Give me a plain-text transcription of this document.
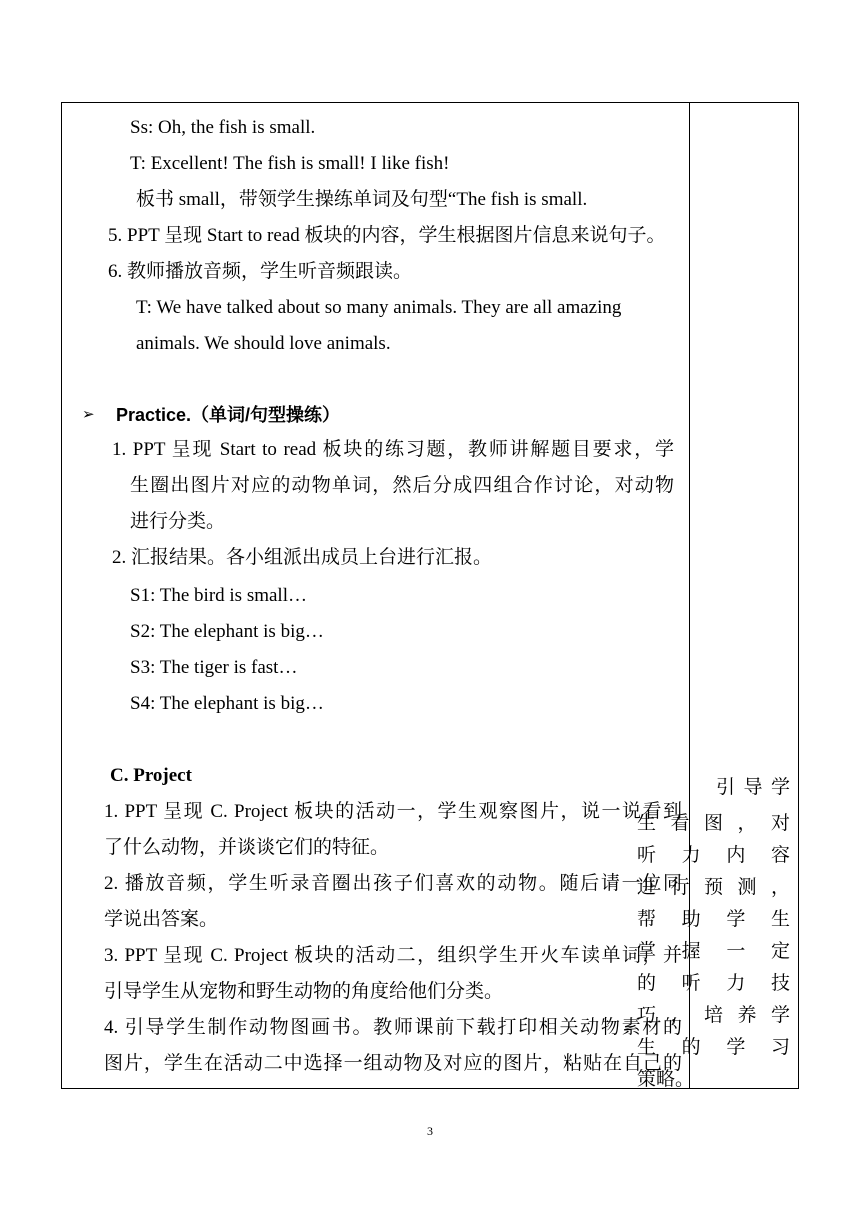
Ss: Oh, the fish is small.
T: Excellent! The fish is small! I like fish!
板书 small，带领学生操练单词及句型“The fish is small.
5. PPT 呈现 Start to read 板块的内容，学生根据图片信息来说句子。
6. 教师播放音频，学生听音频跟读。
T: We have talked about so many animals. They are all amazing
animals. We should love animals.
➢ Practice.（单词/句型操练）
1. PPT 呈现 Start to read 板块的练习题，教师讲解题目要求，学
生圈出图片对应的动物单词，然后分成四组合作讨论，对动物
进行分类。
2. 汇报结果。各小组派出成员上台进行汇报。
S1: The bird is small…
S2: The elephant is big…
S3: The tiger is fast…
S4: The elephant is big…
C. Project
1. PPT 呈现 C. Project 板块的活动一，学生观察图片，说一说看到
了什么动物，并谈谈它们的特征。
2. 播放音频，学生听录音圈出孩子们喜欢的动物。随后请一位同
学说出答案。
3. PPT 呈现 C. Project 板块的活动二，组织学生开火车读单词，并
引导学生从宠物和野生动物的角度给他们分类。
4. 引导学生制作动物图画书。教师课前下载打印相关动物素材的
图片，学生在活动二中选择一组动物及对应的图片，粘贴在自己的
引 导 学
生看图，对
听 力 内 容
进行预测，
帮 助 学 生
掌 握 一 定
的 听 力 技
巧，培养学
生 的 学 习
策略。
3
